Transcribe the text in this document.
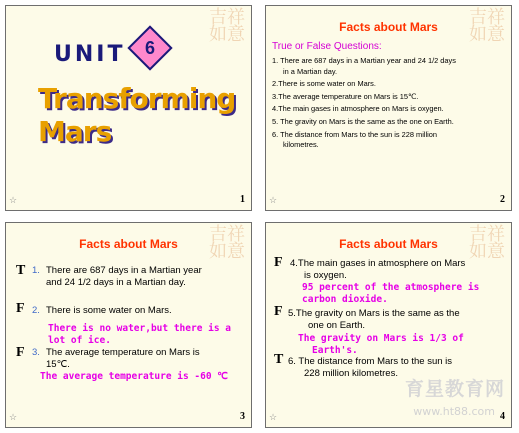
吉祥如意
UNIT	6
Transforming Mars
☆	1
吉祥如意
Facts about Mars
True or False Questions:
1. There are 687 days in a Martian year and 24 1/2 days
in a Martian day.
2.There is some water on Mars.
3.The average temperature on Mars is 15℃.
4.The main gases in atmosphere on Mars is oxygen.
5. The gravity on Mars is the same as the one on Earth.
6. The distance from Mars to the sun is 228 million
kilometres.
☆	2
吉祥如意
Facts about Mars
T 1. There are 687 days in a Martian year
and 24 1/2 days in a Martian day.
F 2. There is some water on Mars.
There is no water,but there is a
lot of ice.
F 3. The average temperature on Mars is
15℃.
The average temperature is -60 ℃
☆	3
吉祥如意
Facts about Mars
F 4.The main gases in atmosphere on Mars
is oxygen.
95 percent of the atmosphere is
carbon dioxide.
F 5.The gravity on Mars is the same as the
one on Earth.
The gravity on Mars is 1/3 of
Earth's.
T 6. The distance from Mars to the sun is
228 million kilometres.
育星教育网
www.ht88.com
☆	4
